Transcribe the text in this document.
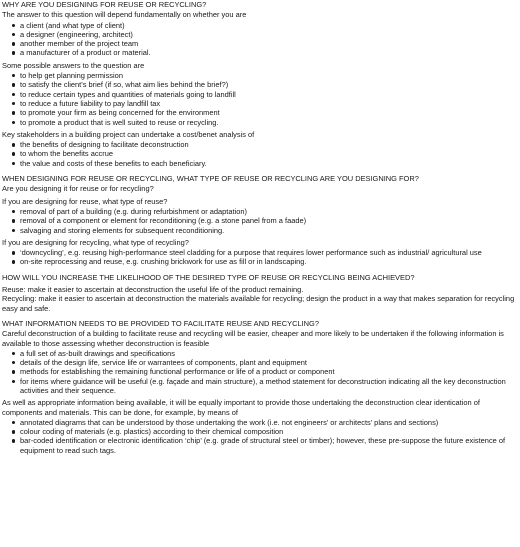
WHY ARE YOU DESIGNING FOR REUSE OR RECYCLING?

The answer to this question will depend fundamentally on whether you are

a client (and what type of client)
a designer (engineering, architect)
another member of the project team
a manufacturer of a product or material.

Some possible answers to the question are

to help get planning permission
to satisfy the client’s brief (if so, what aim lies behind the brief?)
to reduce certain types and quantities of materials going to landfill
to reduce a future liability to pay landfill tax
to promote your firm as being concerned for the environment
to promote a product that is well suited to reuse or recycling.

Key stakeholders in a building project can undertake a cost/benet analysis of

the benefits of designing to facilitate deconstruction
to whom the benefits accrue
the value and costs of these benefits to each beneficiary.
WHEN DESIGNING FOR REUSE OR RECYCLING, WHAT TYPE OF REUSE OR RECYCLING ARE YOU DESIGNING FOR?

Are you designing it for reuse or for recycling?

If you are designing for reuse, what type of reuse?

removal of part of a building (e.g. during refurbishment or adaptation)
removal of a component or element for reconditioning (e.g. a stone panel from a faade)
salvaging and storing elements for subsequent reconditioning.

If you are designing for recycling, what type of recycling?

‘downcycling’, e.g. reusing high-performance steel cladding for a purpose that requires lower performance such as industrial/ agricultural use
on-site reprocessing and reuse, e.g. crushing brickwork for use as fill or in landscaping.
HOW WILL YOU INCREASE THE LIKELIHOOD OF THE DESIRED TYPE OF REUSE OR RECYCLING BEING ACHIEVED?

Reuse: make it easier to ascertain at deconstruction the useful life of the product remaining.

Recycling: make it easier to ascertain at deconstruction the materials available for recycling; design the product in a way that makes separation for recycling easy and safe.

WHAT INFORMATION NEEDS TO BE PROVIDED TO FACILITATE REUSE AND RECYCLING?

Careful deconstruction of a building to facilitate reuse and recycling will be easier, cheaper and more likely to be undertaken if the following information is available to those assessing whether deconstruction is feasible

a full set of as-built drawings and specifications
details of the design life, service life or warrantees of components, plant and equipment
methods for establishing the remaining functional performance or life of a product or component
for items where guidance will be useful (e.g. façade and main structure), a method statement for deconstruction indicating all the key deconstruction activities and their sequence.

As well as appropriate information being available, it will be equally important to provide those undertaking the deconstruction clear identication of components and materials. This can be done, for example, by means of

annotated diagrams that can be understood by those undertaking the work (i.e. not engineers’ or architects’ plans and sections)
colour coding of materials (e.g. plastics) according to their chemical composition
bar-coded identification or electronic identification ‘chip’ (e.g. grade of structural steel or timber); however, these pre-suppose the future existence of equipment to read such tags.
